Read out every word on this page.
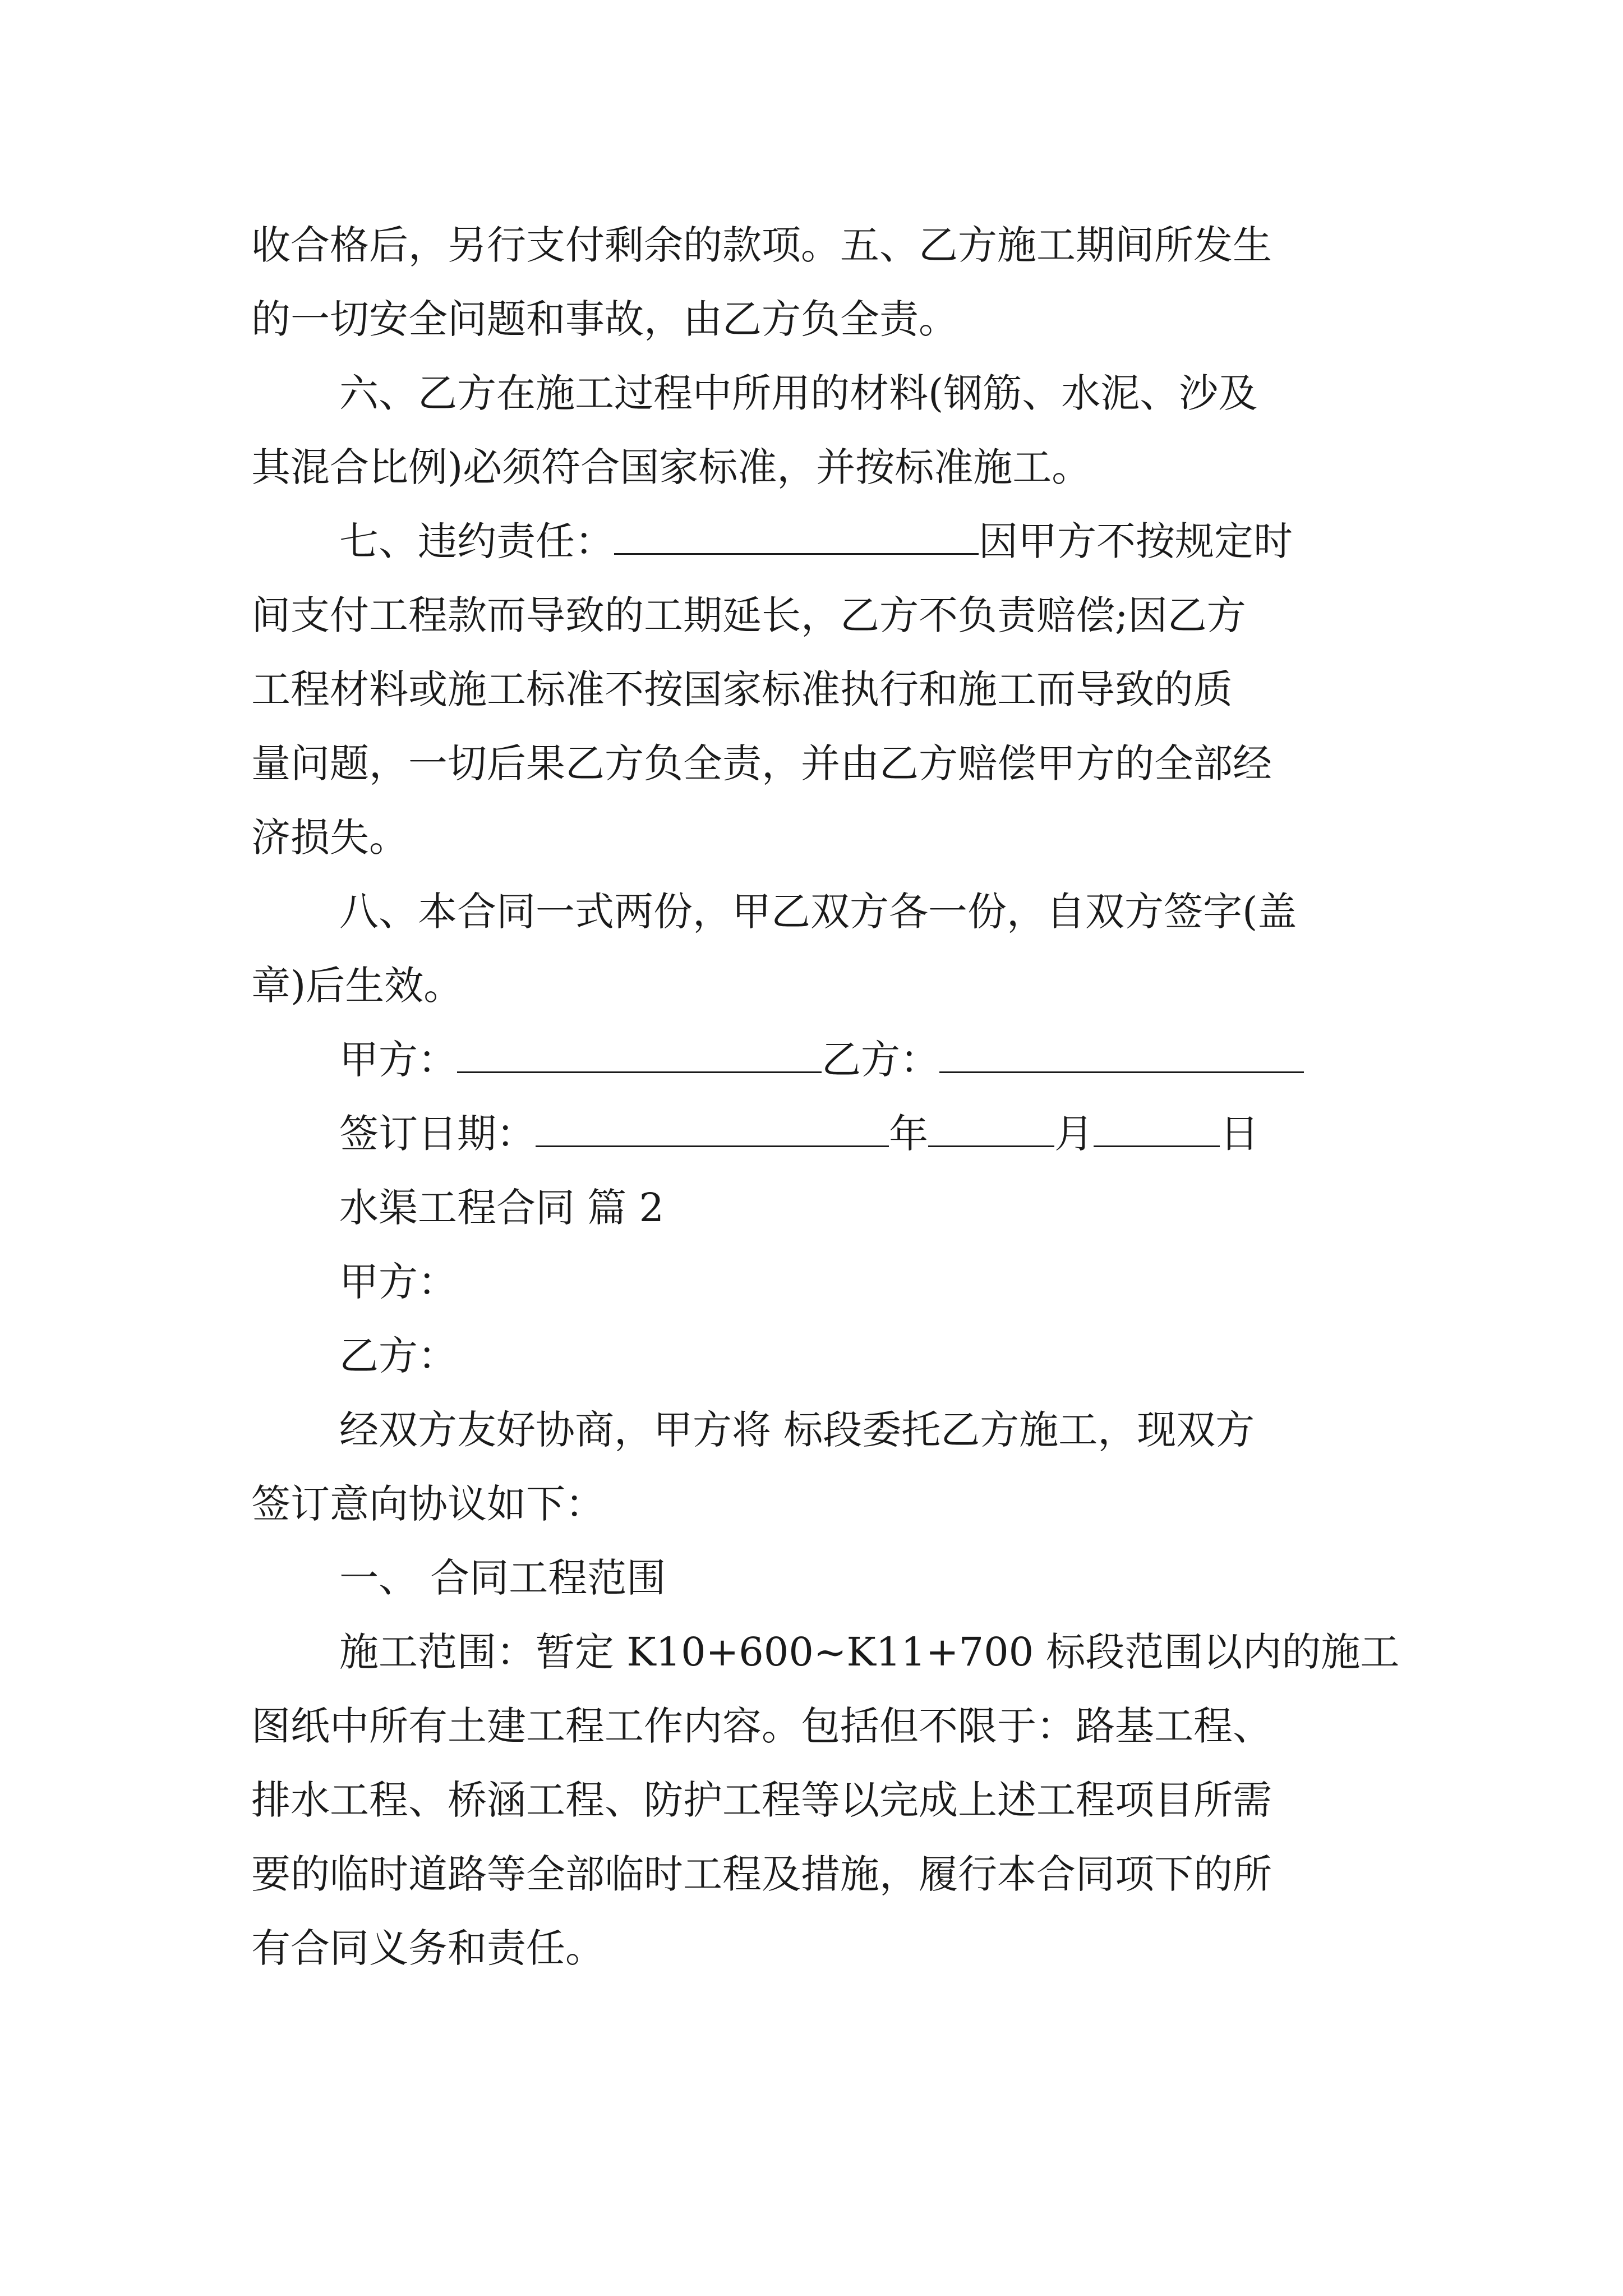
收合格后，另行支付剩余的款项。五、乙方施工期间所发生
的一切安全问题和事故，由乙方负全责。
六、乙方在施工过程中所用的材料(钢筋、水泥、沙及
其混合比例)必须符合国家标准，并按标准施工。
七、违约责任：	因甲方不按规定时
间支付工程款而导致的工期延长，乙方不负责赔偿;因乙方
工程材料或施工标准不按国家标准执行和施工而导致的质
量问题，一切后果乙方负全责，并由乙方赔偿甲方的全部经
济损失。
八、本合同一式两份，甲乙双方各一份，自双方签字(盖
章)后生效。
甲方：	乙方：
签订日期：	年	月	日
水渠工程合同 篇 2
甲方：
乙方：
经双方友好协商，甲方将 标段委托乙方施工，现双方
签订意向协议如下：
一、 合同工程范围
施工范围：暂定 K10+600~K11+700 标段范围以内的施工
图纸中所有土建工程工作内容。包括但不限于：路基工程、
排水工程、桥涵工程、防护工程等以完成上述工程项目所需
要的临时道路等全部临时工程及措施，履行本合同项下的所
有合同义务和责任。
